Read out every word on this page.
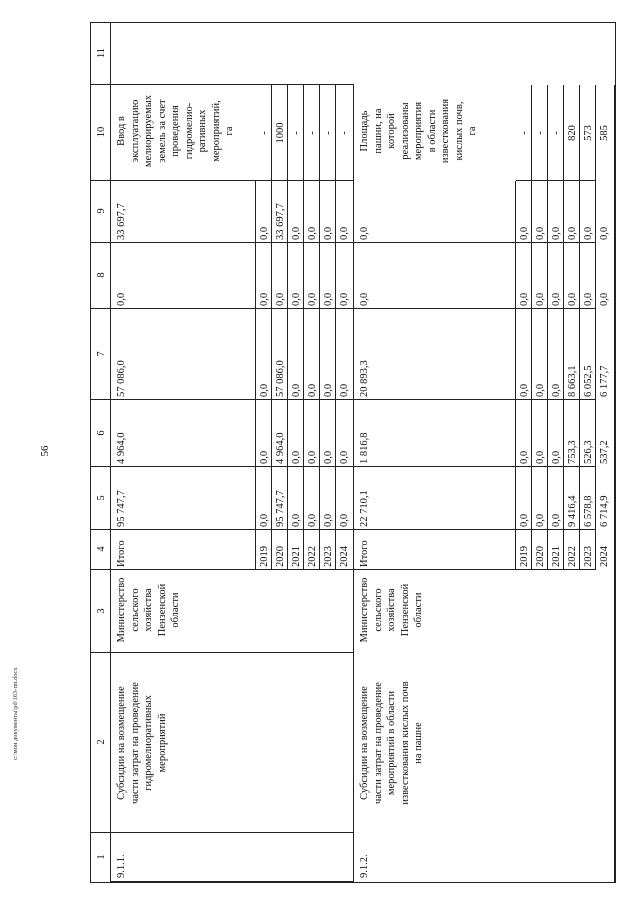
56
c:\мои документы\pd\163-пп.docx
1
2
3
4
5
6
7
8
9
10
11
9.1.1.
Субсидии на возмещение
части затрат на проведение
гидромелиоративных
мероприятий
Министерство
сельского
хозяйства
Пензенской
области
Ввод в
эксплуатацию
мелиорируемых
земель за счет
проведения
гидромелио-
ративных
мероприятий,
га
Итого
95 747,7
4 964,0
57 086,0
0,0
33 697,7
2019
0,0
0,0
0,0
0,0
0,0
-
2020
95 747,7
4 964,0
57 086,0
0,0
33 697,7
1000
2021
0,0
0,0
0,0
0,0
0,0
-
2022
0,0
0,0
0,0
0,0
0,0
-
2023
0,0
0,0
0,0
0,0
0,0
-
2024
0,0
0,0
0,0
0,0
0,0
-
9.1.2.
Субсидии на возмещение
части затрат на проведение
мероприятий в области
известкования кислых почв
на пашне
Министерство
сельского
хозяйства
Пензенской
области
Площадь
пашни, на
которой
реализованы
мероприятия
в области
известкования
кислых почв,
га
Итого
22 710,1
1 816,8
20 893,3
0,0
0,0
2019
0,0
0,0
0,0
0,0
0,0
-
2020
0,0
0,0
0,0
0,0
0,0
-
2021
0,0
0,0
0,0
0,0
0,0
-
2022
9 416,4
753,3
8 663,1
0,0
0,0
820
2023
6 578,8
526,3
6 052,5
0,0
0,0
573
2024
6 714,9
537,2
6 177,7
0,0
0,0
585
